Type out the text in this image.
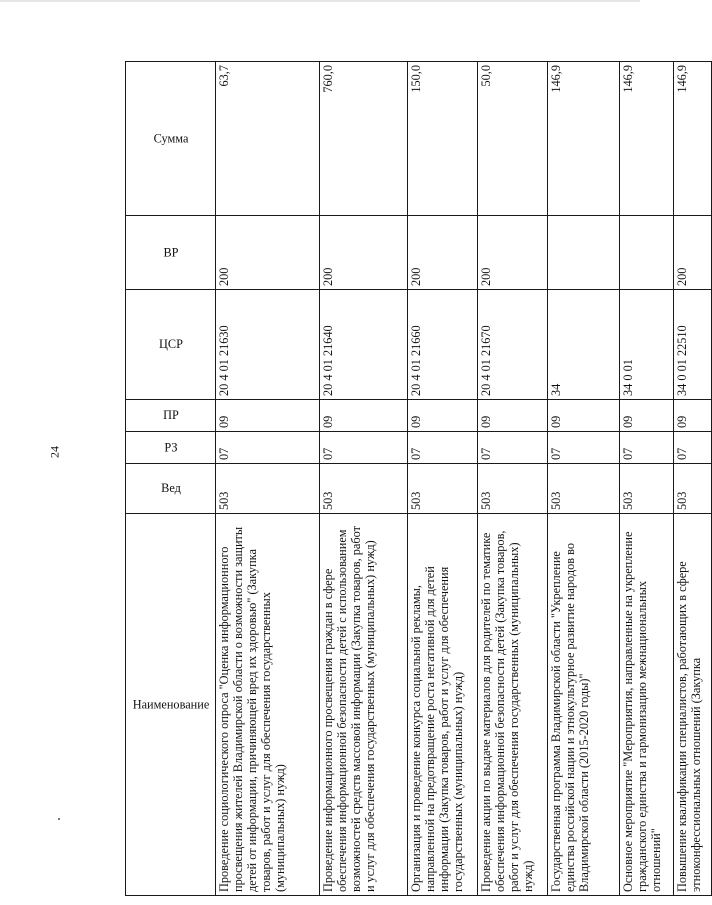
24
Наименование	Вед	РЗ	ПР	ЦСР	ВР	Сумма
Проведение социологического опроса "Оценка информационного просвещения жителей Владимирской области о возможности защиты детей от информации, причиняющей вред их здоровью" (Закупка товаров, работ и услуг для обеспечения государственных (муниципальных) нужд)	503	07	09	20 4 01 21630	200	63,7
Проведение информационного просвещения граждан в сфере обеспечения информационной безопасности детей с использованием возможностей средств массовой информации (Закупка товаров, работ и услуг для обеспечения государственных (муниципальных) нужд)	503	07	09	20 4 01 21640	200	760,0
Организация и проведение конкурса социальной рекламы, направленной на предотвращение роста негативной для детей информации (Закупка товаров, работ и услуг для обеспечения государственных (муниципальных) нужд)	503	07	09	20 4 01 21660	200	150,0
Проведение акции по выдаче материалов для родителей по тематике обеспечения информационной безопасности детей (Закупка товаров, работ и услуг для обеспечения государственных (муниципальных) нужд)	503	07	09	20 4 01 21670	200	50,0
Государственная программа Владимирской области "Укрепление единства российской нации и этнокультурное развитие народов во Владимирской области (2015-2020 годы)"	503	07	09	34		146,9
Основное мероприятие "Мероприятия, направленные на укрепление гражданского единства и гармонизацию межнациональных отношений"	503	07	09	34 0 01		146,9
Повышение квалификации специалистов, работающих в сфере этноконфессиональных отношений (Закупка	503	07	09	34 0 01 22510	200	146,9
